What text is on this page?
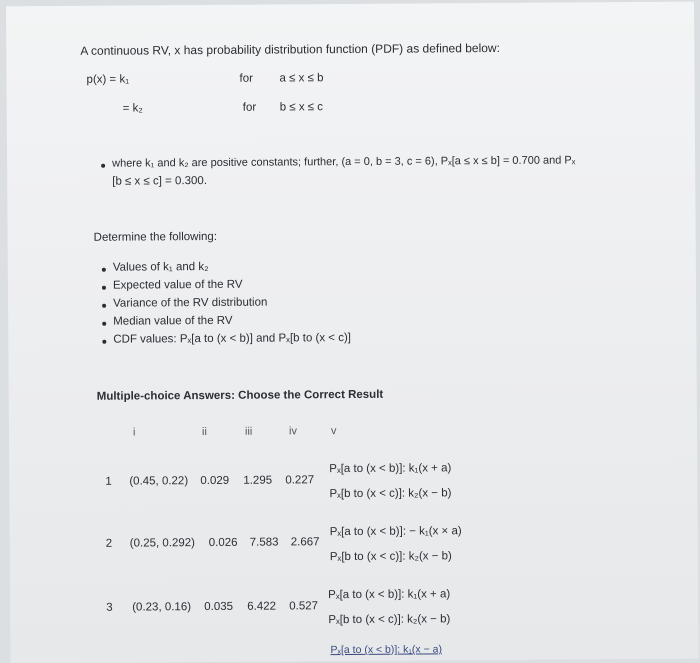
A continuous RV, x has probability distribution function (PDF) as defined below:
p(x) = k₁	for a ≤ x ≤ b
= k₂	for b ≤ x ≤ c
where k₁ and k₂ are positive constants; further, (a = 0, b = 3, c = 6), Pₓ[a ≤ x ≤ b] = 0.700 and Pₓ
[b ≤ x ≤ c] = 0.300.
Determine the following:
Values of k₁ and k₂
Expected value of the RV
Variance of the RV distribution
Median value of the RV
CDF values: Pₓ[a to (x < b)] and Pₓ[b to (x < c)]
Multiple-choice Answers: Choose the Correct Result
i	ii	iii	iv	v
1 (0.45, 0.22) 0.029 1.295 0.227
Pₓ[a to (x < b)]: k₁(x + a)
Pₓ[b to (x < c)]: k₂(x − b)
2 (0.25, 0.292) 0.026 7.583 2.667
Pₓ[a to (x < b)]: − k₁(x × a)
Pₓ[b to (x < c)]: k₂(x − b)
3 (0.23, 0.16) 0.035 6.422 0.527
Pₓ[a to (x < b)]: k₁(x + a)
Pₓ[b to (x < c)]: k₂(x − b)
Pₓ[a to (x < b)]: k₁(x − a)
